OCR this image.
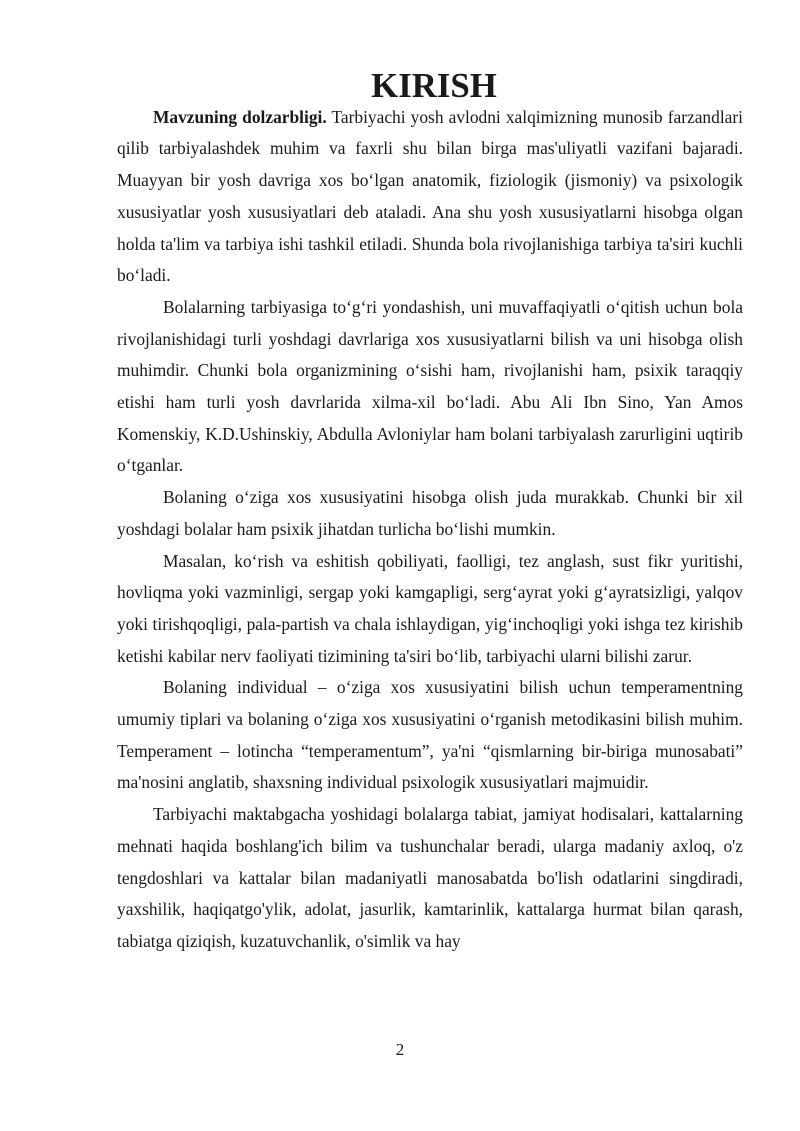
KIRISH

Mavzuning dolzarbligi. Tarbiyachi yosh avlodni xalqimizning munosib farzandlari qilib tarbiyalashdek muhim va faxrli shu bilan birga mas'uliyatli vazifani bajaradi. Muayyan bir yosh davriga xos bo‘lgan anatomik, fiziologik (jismoniy) va psixologik xususiyatlar yosh xususiyatlari deb ataladi. Ana shu yosh xususiyatlarni hisobga olgan holda ta'lim va tarbiya ishi tashkil etiladi. Shunda bola rivojlanishiga tarbiya ta'siri kuchli bo‘ladi.

Bolalarning tarbiyasiga to‘g‘ri yondashish, uni muvaffaqiyatli o‘qitish uchun bola rivojlanishidagi turli yoshdagi davrlariga xos xususiyatlarni bilish va uni hisobga olish muhimdir. Chunki bola organizmining o‘sishi ham, rivojlanishi ham, psixik taraqqiy etishi ham turli yosh davrlarida xilma-xil bo‘ladi. Abu Ali Ibn Sino, Yan Amos Komenskiy, K.D.Ushinskiy, Abdulla Avloniylar ham bolani tarbiyalash zarurligini uqtirib o‘tganlar.

Bolaning o‘ziga xos xususiyatini hisobga olish juda murakkab. Chunki bir xil yoshdagi bolalar ham psixik jihatdan turlicha bo‘lishi mumkin.

Masalan, ko‘rish va eshitish qobiliyati, faolligi, tez anglash, sust fikr yuritishi, hovliqma yoki vazminligi, sergap yoki kamgapligi, serg‘ayrat yoki g‘ayratsizligi, yalqov yoki tirishqoqligi, pala-partish va chala ishlaydigan, yig‘inchoqligi yoki ishga tez kirishib ketishi kabilar nerv faoliyati tizimining ta'siri bo‘lib, tarbiyachi ularni bilishi zarur.

Bolaning individual – o‘ziga xos xususiyatini bilish uchun temperamentning umumiy tiplari va bolaning o‘ziga xos xususiyatini o‘rganish metodikasini bilish muhim. Temperament – lotincha “temperamentum”, ya'ni “qismlarning bir-biriga munosabati” ma'nosini anglatib, shaxsning individual psixologik xususiyatlari majmuidir.

Tarbiyachi maktabgacha yoshidagi bolalarga tabiat, jamiyat hodisalari, kattalarning mehnati haqida boshlang'ich bilim va tushunchalar beradi, ularga madaniy axloq, o'z tengdoshlari va kattalar bilan madaniyatli manosabatda bo'lish odatlarini singdiradi, yaxshilik, haqiqatgo'ylik, adolat, jasurlik, kamtarinlik, kattalarga hurmat bilan qarash, tabiatga qiziqish, kuzatuvchanlik, o'simlik va hay

2
